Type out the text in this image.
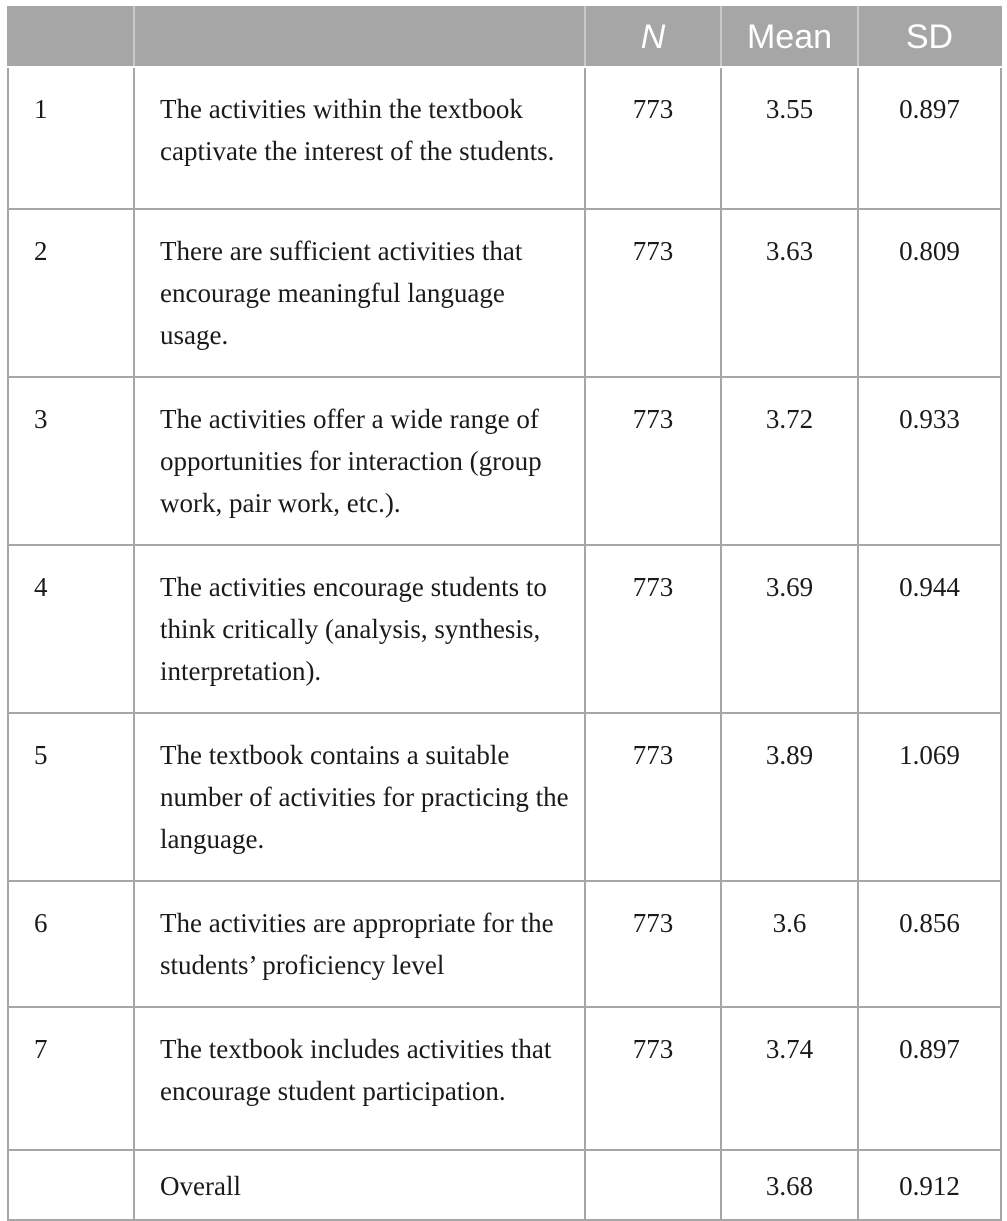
		N	Mean	SD
1	The activities within the textbook captivate the interest of the students.	773	3.55	0.897
2	There are sufficient activities that encourage meaningful language usage.	773	3.63	0.809
3	The activities offer a wide range of opportunities for interaction (group work, pair work, etc.).	773	3.72	0.933
4	The activities encourage students to think critically (analysis, synthesis, interpretation).	773	3.69	0.944
5	The textbook contains a suitable number of activities for practicing the language.	773	3.89	1.069
6	The activities are appropriate for the students’ proficiency level	773	3.6	0.856
7	The textbook includes activities that encourage student participation.	773	3.74	0.897
	Overall		3.68	0.912
